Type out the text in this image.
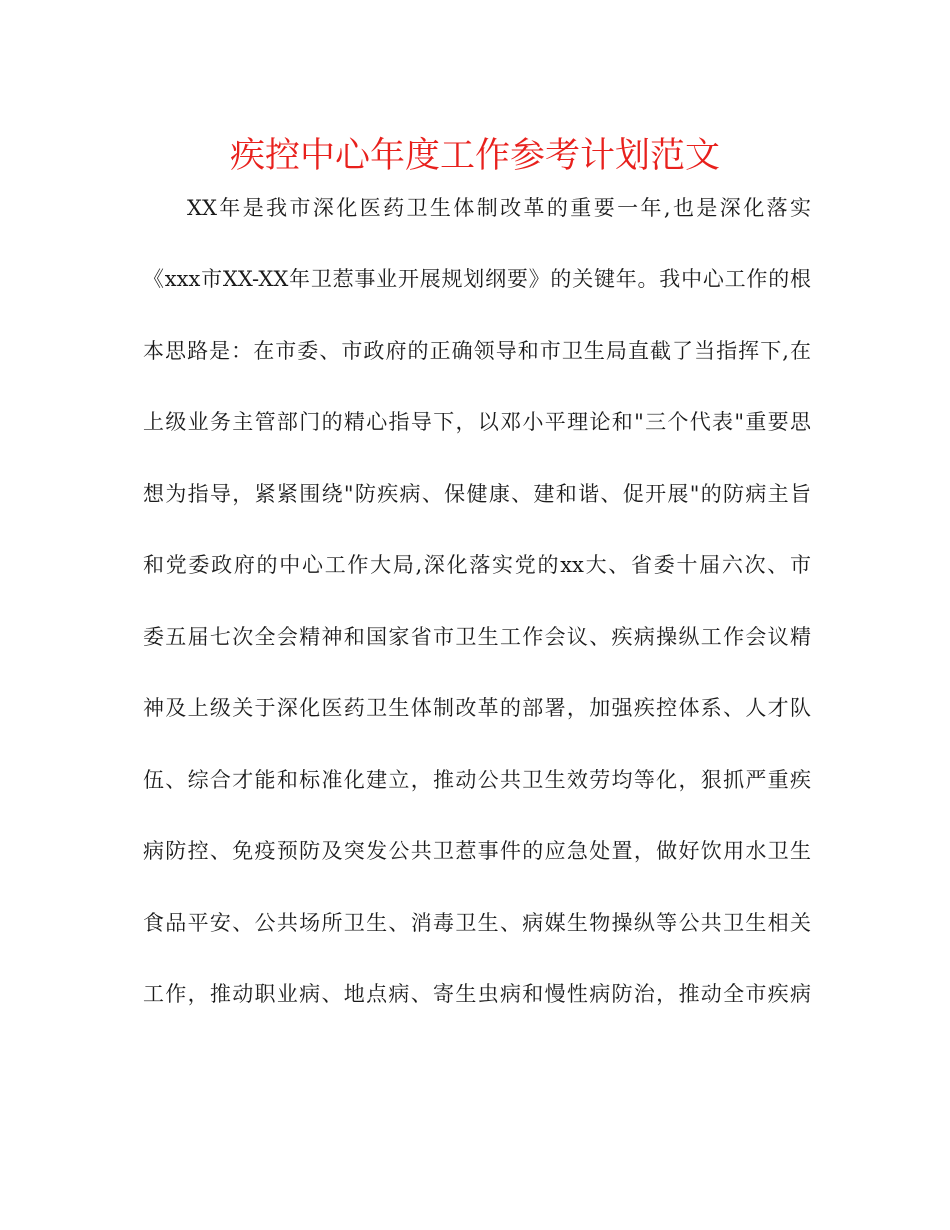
疾控中心年度工作参考计划范文
XX年是我市深化医药卫生体制改革的重要一年,也是深化落实
《xxx市XX-XX年卫惹事业开展规划纲要》的关键年。我中心工作的根
本思路是：在市委、市政府的正确领导和市卫生局直截了当指挥下,在
上级业务主管部门的精心指导下，以邓小平理论和"三个代表"重要思
想为指导，紧紧围绕"防疾病、保健康、建和谐、促开展"的防病主旨
和党委政府的中心工作大局,深化落实党的xx大、省委十届六次、市
委五届七次全会精神和国家省市卫生工作会议、疾病操纵工作会议精
神及上级关于深化医药卫生体制改革的部署，加强疾控体系、人才队
伍、综合才能和标准化建立，推动公共卫生效劳均等化，狠抓严重疾
病防控、免疫预防及突发公共卫惹事件的应急处置，做好饮用水卫生
食品平安、公共场所卫生、消毒卫生、病媒生物操纵等公共卫生相关
工作，推动职业病、地点病、寄生虫病和慢性病防治，推动全市疾病
